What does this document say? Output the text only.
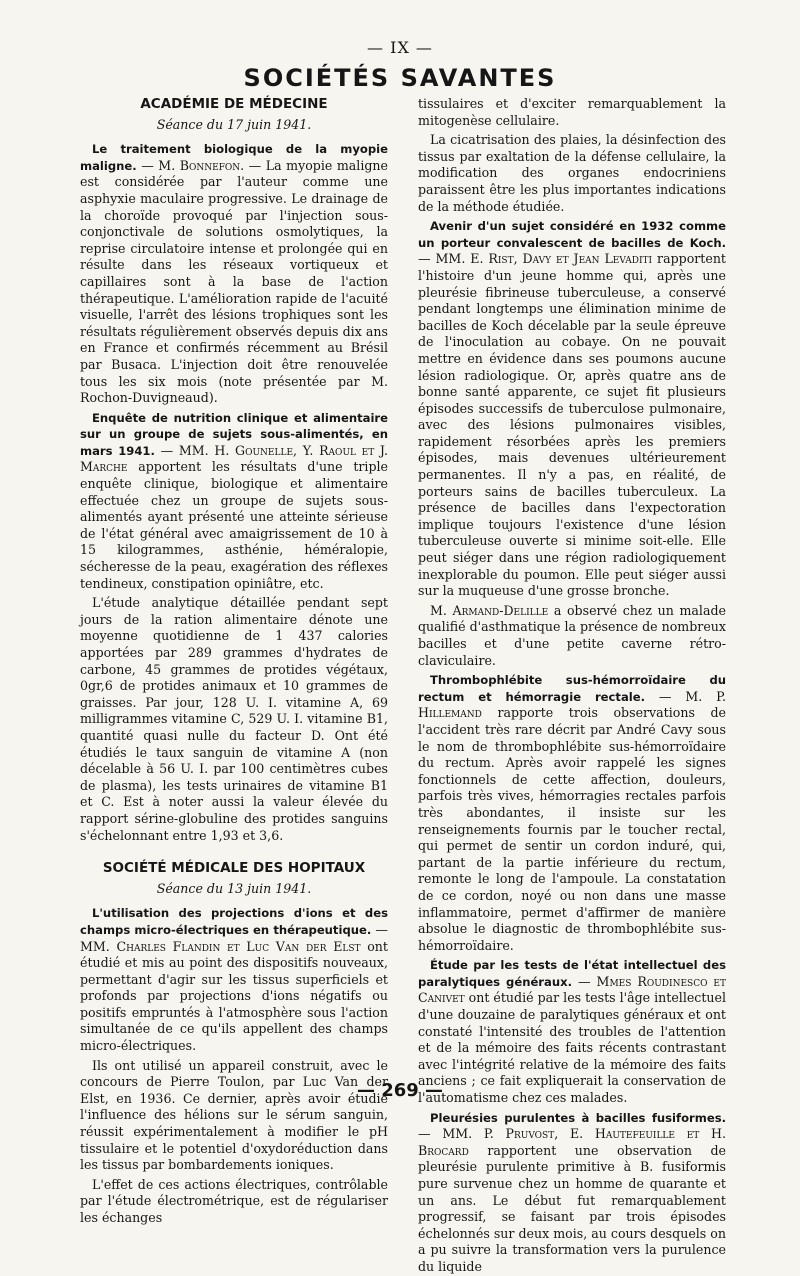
— IX —
SOCIÉTÉS SAVANTES
ACADÉMIE DE MÉDECINE
Séance du 17 juin 1941.

Le traitement biologique de la myopie maligne. — M. Bonnefon. — La myopie maligne est considérée par l'auteur comme une asphyxie maculaire progressive. Le drainage de la choroïde provoqué par l'injection sous-conjonctivale de solutions osmolytiques, la reprise circulatoire intense et prolongée qui en résulte dans les réseaux vortiqueux et capillaires sont à la base de l'action thérapeutique. L'amélioration rapide de l'acuité visuelle, l'arrêt des lésions trophiques sont les résultats régulièrement observés depuis dix ans en France et confirmés récemment au Brésil par Busaca. L'injection doit être renouvelée tous les six mois (note présentée par M. Rochon-Duvigneaud).

Enquête de nutrition clinique et alimentaire sur un groupe de sujets sous-alimentés, en mars 1941. — MM. H. Gounelle, Y. Raoul et J. Marche apportent les résultats d'une triple enquête clinique, biologique et alimentaire effectuée chez un groupe de sujets sous-alimentés ayant présenté une atteinte sérieuse de l'état général avec amaigrissement de 10 à 15 kilogrammes, asthénie, héméralopie, sécheresse de la peau, exagération des réflexes tendineux, constipation opiniâtre, etc.

L'étude analytique détaillée pendant sept jours de la ration alimentaire dénote une moyenne quotidienne de 1 437 calories apportées par 289 grammes d'hydrates de carbone, 45 grammes de protides végétaux, 0gr,6 de protides animaux et 10 grammes de graisses. Par jour, 128 U. I. vitamine A, 69 milligrammes vitamine C, 529 U. I. vitamine B1, quantité quasi nulle du facteur D. Ont été étudiés le taux sanguin de vitamine A (non décelable à 56 U. I. par 100 centimètres cubes de plasma), les tests urinaires de vitamine B1 et C. Est à noter aussi la valeur élevée du rapport sérine-globuline des protides sanguins s'échelonnant entre 1,93 et 3,6.

SOCIÉTÉ MÉDICALE DES HOPITAUX
Séance du 13 juin 1941.

L'utilisation des projections d'ions et des champs micro-électriques en thérapeutique. — MM. Charles Flandin et Luc Van der Elst ont étudié et mis au point des dispositifs nouveaux, permettant d'agir sur les tissus superficiels et profonds par projections d'ions négatifs ou positifs empruntés à l'atmosphère sous l'action simultanée de ce qu'ils appellent des champs micro-électriques.

Ils ont utilisé un appareil construit, avec le concours de Pierre Toulon, par Luc Van der Elst, en 1936. Ce dernier, après avoir étudié l'influence des hélions sur le sérum sanguin, réussit expérimentalement à modifier le pH tissulaire et le potentiel d'oxydoréduction dans les tissus par bombardements ioniques.

L'effet de ces actions électriques, contrôlable par l'étude électrométrique, est de régulariser les échanges

tissulaires et d'exciter remarquablement la mitogenèse cellulaire.

La cicatrisation des plaies, la désinfection des tissus par exaltation de la défense cellulaire, la modification des organes endocriniens paraissent être les plus importantes indications de la méthode étudiée.

Avenir d'un sujet considéré en 1932 comme un porteur convalescent de bacilles de Koch. — MM. E. Rist, Davy et Jean Levaditi rapportent l'histoire d'un jeune homme qui, après une pleurésie fibrineuse tuberculeuse, a conservé pendant longtemps une élimination minime de bacilles de Koch décelable par la seule épreuve de l'inoculation au cobaye. On ne pouvait mettre en évidence dans ses poumons aucune lésion radiologique. Or, après quatre ans de bonne santé apparente, ce sujet fit plusieurs épisodes successifs de tuberculose pulmonaire, avec des lésions pulmonaires visibles, rapidement résorbées après les premiers épisodes, mais devenues ultérieurement permanentes. Il n'y a pas, en réalité, de porteurs sains de bacilles tuberculeux. La présence de bacilles dans l'expectoration implique toujours l'existence d'une lésion tuberculeuse ouverte si minime soit-elle. Elle peut siéger dans une région radiologiquement inexplorable du poumon. Elle peut siéger aussi sur la muqueuse d'une grosse bronche.

M. Armand-Delille a observé chez un malade qualifié d'asthmatique la présence de nombreux bacilles et d'une petite caverne rétro-claviculaire.

Thrombophlébite sus-hémorroïdaire du rectum et hémorragie rectale. — M. P. Hillemand rapporte trois observations de l'accident très rare décrit par André Cavy sous le nom de thrombophlébite sus-hémorroïdaire du rectum. Après avoir rappelé les signes fonctionnels de cette affection, douleurs, parfois très vives, hémorragies rectales parfois très abondantes, il insiste sur les renseignements fournis par le toucher rectal, qui permet de sentir un cordon induré, qui, partant de la partie inférieure du rectum, remonte le long de l'ampoule. La constatation de ce cordon, noyé ou non dans une masse inflammatoire, permet d'affirmer de manière absolue le diagnostic de thrombophlébite sus-hémorroïdaire.

Étude par les tests de l'état intellectuel des paralytiques généraux. — Mmes Roudinesco et Canivet ont étudié par les tests l'âge intellectuel d'une douzaine de paralytiques généraux et ont constaté l'intensité des troubles de l'attention et de la mémoire des faits récents contrastant avec l'intégrité relative de la mémoire des faits anciens ; ce fait expliquerait la conservation de l'automatisme chez ces malades.

Pleurésies purulentes à bacilles fusiformes. — MM. P. Pruvost, E. Hautefeuille et H. Brocard rapportent une observation de pleurésie purulente primitive à B. fusiformis pure survenue chez un homme de quarante et un ans. Le début fut remarquablement progressif, se faisant par trois épisodes échelonnés sur deux mois, au cours desquels on a pu suivre la transformation vers la purulence du liquide

— 269 —
